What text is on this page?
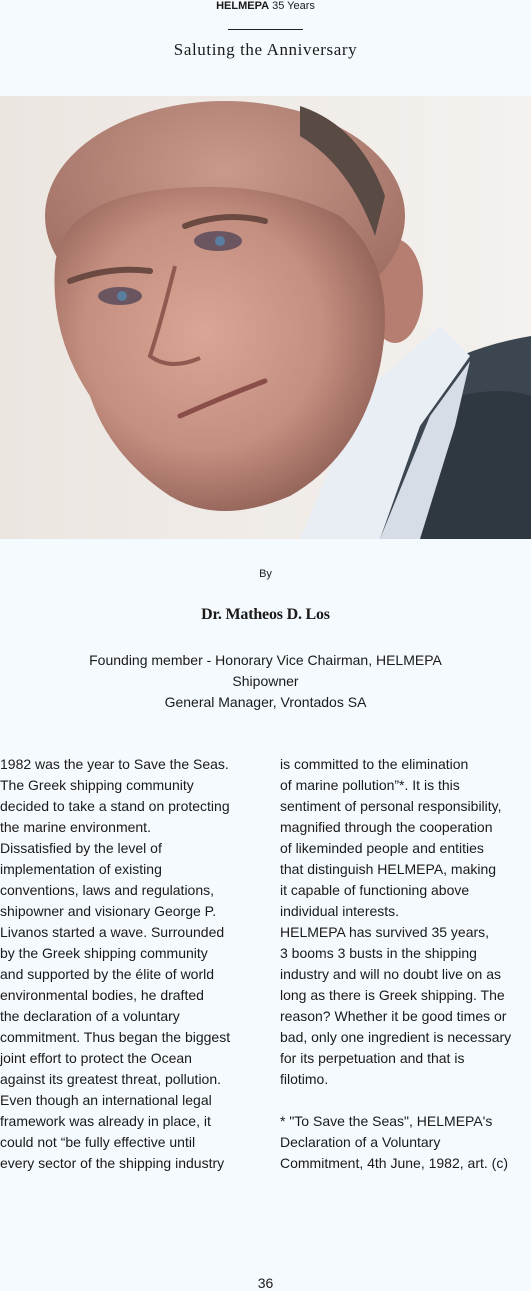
HELMEPA 35 Years
Saluting the Anniversary
By
Dr. Matheos D. Los
Founding member - Honorary Vice Chairman, HELMEPA
Shipowner
General Manager, Vrontados SA
1982 was the year to Save the Seas.
The Greek shipping community
decided to take a stand on protecting
the marine environment.
Dissatisfied by the level of
implementation of existing
conventions, laws and regulations,
shipowner and visionary George P.
Livanos started a wave. Surrounded
by the Greek shipping community
and supported by the élite of world
environmental bodies, he drafted
the declaration of a voluntary
commitment. Thus began the biggest
joint effort to protect the Ocean
against its greatest threat, pollution.
Even though an international legal
framework was already in place, it
could not “be fully effective until
every sector of the shipping industry
is committed to the elimination
of marine pollution”*. It is this
sentiment of personal responsibility,
magnified through the cooperation
of likeminded people and entities
that distinguish HELMEPA, making
it capable of functioning above
individual interests.
HELMEPA has survived 35 years,
3 booms 3 busts in the shipping
industry and will no doubt live on as
long as there is Greek shipping. The
reason? Whether it be good times or
bad, only one ingredient is necessary
for its perpetuation and that is
filotimo.
* "To Save the Seas", HELMEPA's
Declaration of a Voluntary
Commitment, 4th June, 1982, art. (c)
36
